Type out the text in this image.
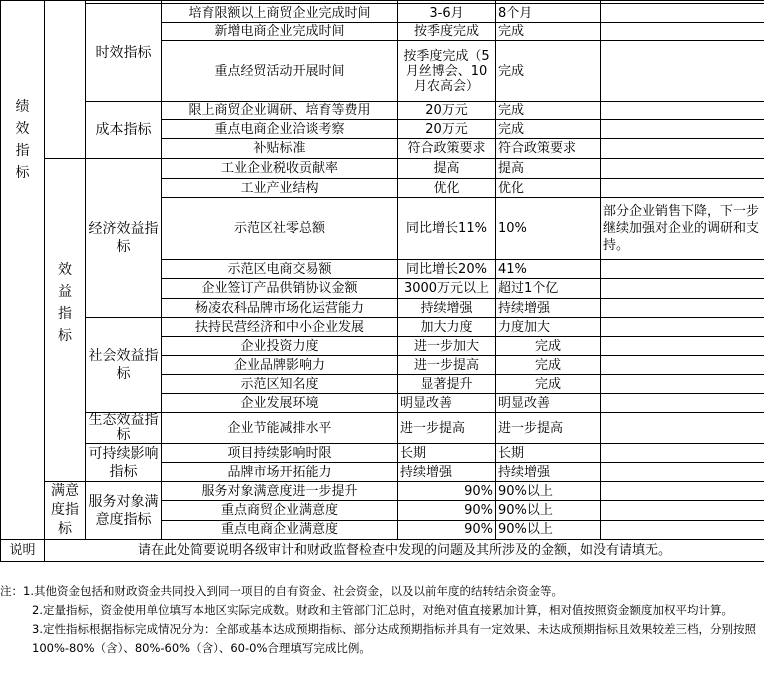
绩效指标						

		时效指标	培育限额以上商贸企业完成时间	3-6月	8个月	

			新增电商企业完成时间	按季度完成	完成	

			重点经贸活动开展时间	按季度完成（5月丝博会、10月农高会）	完成	

		成本指标	限上商贸企业调研、培育等费用	20万元	完成	

			重点电商企业洽谈考察	20万元	完成	

			补贴标准	符合政策要求	符合政策要求	

	效益指标	经济效益指标	工业企业税收贡献率	提高	提高	

			工业产业结构	优化	优化	

			示范区社零总额	同比增长11%	10%	部分企业销售下降，下一步继续加强对企业的调研和支持。

			示范区电商交易额	同比增长20%	41%	

			企业签订产品供销协议金额	3000万元以上	超过1个亿	

			杨凌农科品牌市场化运营能力	持续增强	持续增强	

		社会效益指标	扶持民营经济和中小企业发展	加大力度	力度加大	

			企业投资力度	进一步加大	完成	

			企业品牌影响力	进一步提高	完成	

			示范区知名度	显著提升	完成	

			企业发展环境	明显改善	明显改善	

		生态效益指标	企业节能减排水平	进一步提高	进一步提高	

		可持续影响指标	项目持续影响时限	长期	长期	

			品牌市场开拓能力	持续增强	持续增强	

	满意度指标	服务对象满意度指标	服务对象满意度进一步提升	90%	90%以上	

			重点商贸企业满意度	90%	90%以上	

			重点电商企业满意度	90%	90%以上	

说明	请在此处简要说明各级审计和财政监督检查中发现的问题及其所涉及的金额，如没有请填无。					

注：1.其他资金包括和财政资金共同投入到同一项目的自有资金、社会资金，以及以前年度的结转结余资金等。

2.定量指标，资金使用单位填写本地区实际完成数。财政和主管部门汇总时，对绝对值直接累加计算，相对值按照资金额度加权平均计算。

3.定性指标根据指标完成情况分为：全部或基本达成预期指标、部分达成预期指标并具有一定效果、未达成预期指标且效果较差三档，分别按照100%-80%（含）、80%-60%（含）、60-0%合理填写完成比例。
